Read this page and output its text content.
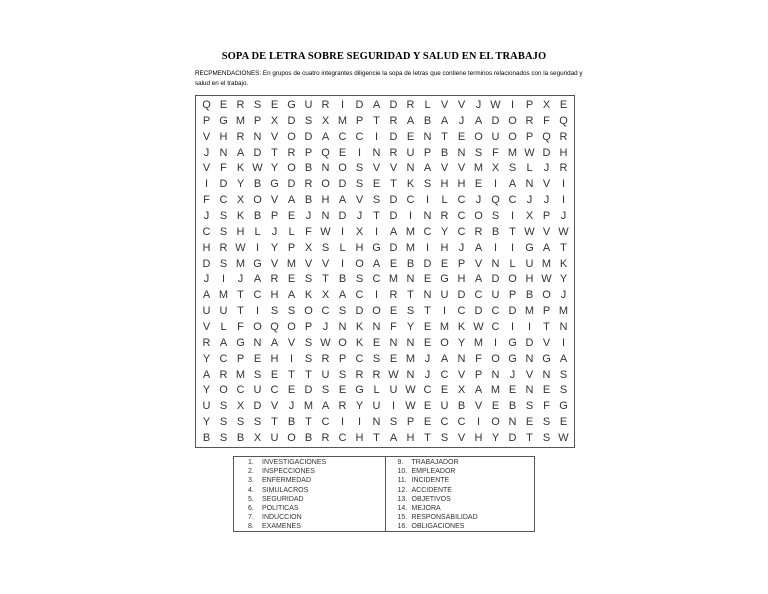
SOPA DE LETRA SOBRE SEGURIDAD Y SALUD EN EL TRABAJO
RECPMENDACIONES: En grupos de cuatro integrantes diligencie la sopa de letras que contiene terminos relacionados con la seguridad y salud en el trabajo.
Q E R S E G U R	I	D A D R L V V J W I	P X E
P G M P X D S X M P T R A B A J A D O R F Q
V H R N V O D A C C	I	D E N T E O U O P Q R
J N A D T R P Q E	I	N R U P B N S F M W D H
V F K W Y O B N O S V V N A V V M X S L	J R
I	D Y B G D R O D S E T K S H H E	I	A N V	I
F C X O V A B H A V S D C	I	L C J Q C J	J	I
J S K B P E J N D J T D	I	N R C O S	I	X P J
C S H L	J	L F W I	X	I	A M C Y C R B T W V W
H R W I	Y P X S L H G D M I	H J A	I	I	G A T
D S M G V M V V	I	O A E B D E P V N L U M K
J	I	J A R E S T B S C M N E G H A D O H W Y
A M T C H A K X A C	I	R T N U D C U P B O J
U U T	I	S S O C S D O E S T	I	C D C D M P M
V L F O Q O P J N K N F Y E M K W C	I	I	T N
R A G N A V S W O K E N N E O Y M I	G D V	I
Y C P E H	I	S R P C S E M J A N F O G N G A
A R M S E T T U S R R W N J C V P N J V N S
Y O C U C E D S E G L U W C E X A M E N E S
U S X D V J M A R Y U	I W E U B V E B S F G
Y S S S T B T C	I	I	N S P E C C	I	O N E S E
B S B X U O B R C H T A H T S V H Y D T S W
1. INVESTIGACIONES
2. INSPECCIONES
3. ENFERMEDAD
4. SIMULACROS
5. SEGURIDAD
6. POLITICAS
7. INDUCCION
8. EXAMENES
9. TRABAJADOR
10. EMPLEADOR
11. INCIDENTE
12. ACCIDENTE
13. OBJETIVOS
14. MEJORA
15. RESPONSABILIDAD
16. OBLIGACIONES
